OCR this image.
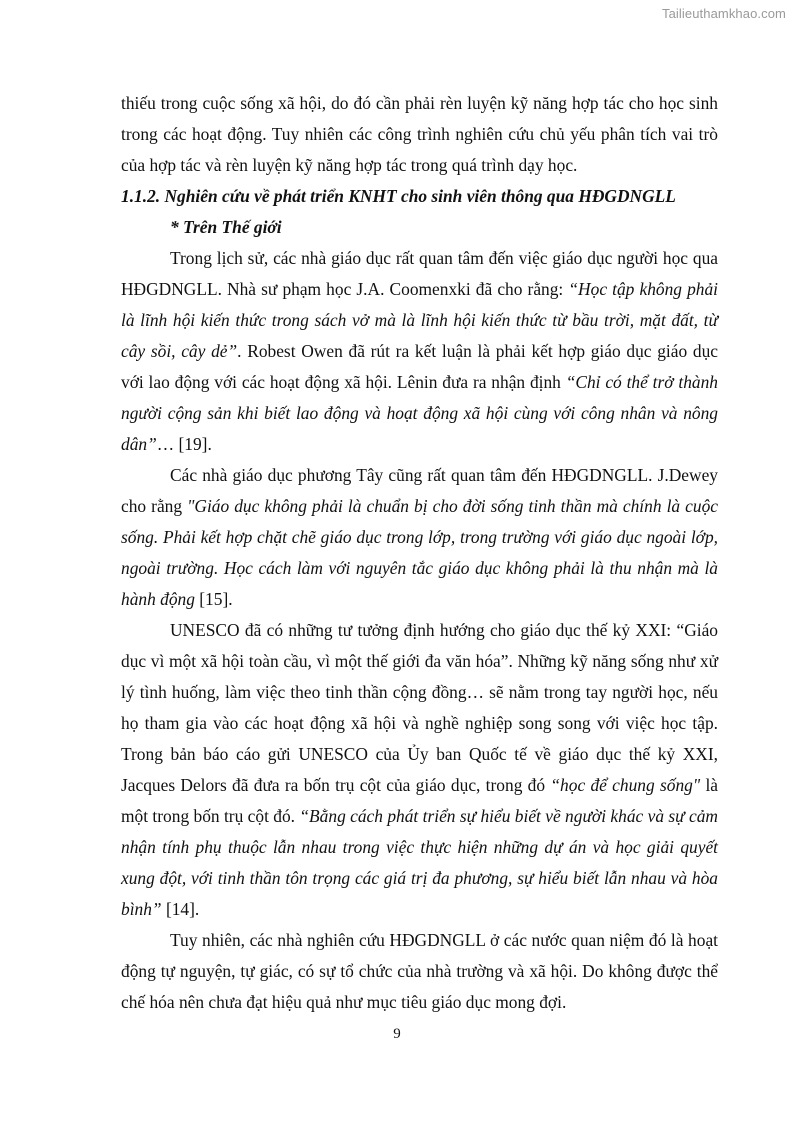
Tailieuthamkhao.com

thiếu trong cuộc sống xã hội, do đó cần phải rèn luyện kỹ năng hợp tác cho học sinh trong các hoạt động. Tuy nhiên các công trình nghiên cứu chủ yếu phân tích vai trò của hợp tác và rèn luyện kỹ năng hợp tác trong quá trình dạy học.

1.1.2. Nghiên cứu về phát triển KNHT cho sinh viên thông qua HĐGDNGLL

* Trên Thế giới

Trong lịch sử, các nhà giáo dục rất quan tâm đến việc giáo dục người học qua HĐGDNGLL. Nhà sư phạm học J.A. Coomenxki đã cho rằng: “Học tập không phải là lĩnh hội kiến thức trong sách vở mà là lĩnh hội kiến thức từ bầu trời, mặt đất, từ cây sồi, cây dẻ”. Robest Owen đã rút ra kết luận là phải kết hợp giáo dục giáo dục với lao động với các hoạt động xã hội. Lênin đưa ra nhận định “Chỉ có thể trở thành người cộng sản khi biết lao động và hoạt động xã hội cùng với công nhân và nông dân”… [19].

Các nhà giáo dục phương Tây cũng rất quan tâm đến HĐGDNGLL. J.Dewey cho rằng "Giáo dục không phải là chuẩn bị cho đời sống tinh thần mà chính là cuộc sống. Phải kết hợp chặt chẽ giáo dục trong lớp, trong trường với giáo dục ngoài lớp, ngoài trường. Học cách làm với nguyên tắc giáo dục không phải là thu nhận mà là hành động [15].

UNESCO đã có những tư tưởng định hướng cho giáo dục thế kỷ XXI: “Giáo dục vì một xã hội toàn cầu, vì một thế giới đa văn hóa”. Những kỹ năng sống như xử lý tình huống, làm việc theo tinh thần cộng đồng… sẽ nằm trong tay người học, nếu họ tham gia vào các hoạt động xã hội và nghề nghiệp song song với việc học tập. Trong bản báo cáo gửi UNESCO của Ủy ban Quốc tế về giáo dục thế kỷ XXI, Jacques Delors đã đưa ra bốn trụ cột của giáo dục, trong đó “học để chung sống" là một trong bốn trụ cột đó. “Bằng cách phát triển sự hiểu biết về người khác và sự cảm nhận tính phụ thuộc lẫn nhau trong việc thực hiện những dự án và học giải quyết xung đột, với tinh thần tôn trọng các giá trị đa phương, sự hiểu biết lẫn nhau và hòa bình” [14].

Tuy nhiên, các nhà nghiên cứu HĐGDNGLL ở các nước quan niệm đó là hoạt động tự nguyện, tự giác, có sự tổ chức của nhà trường và xã hội. Do không được thể chế hóa nên chưa đạt hiệu quả như mục tiêu giáo dục mong đợi.

9
